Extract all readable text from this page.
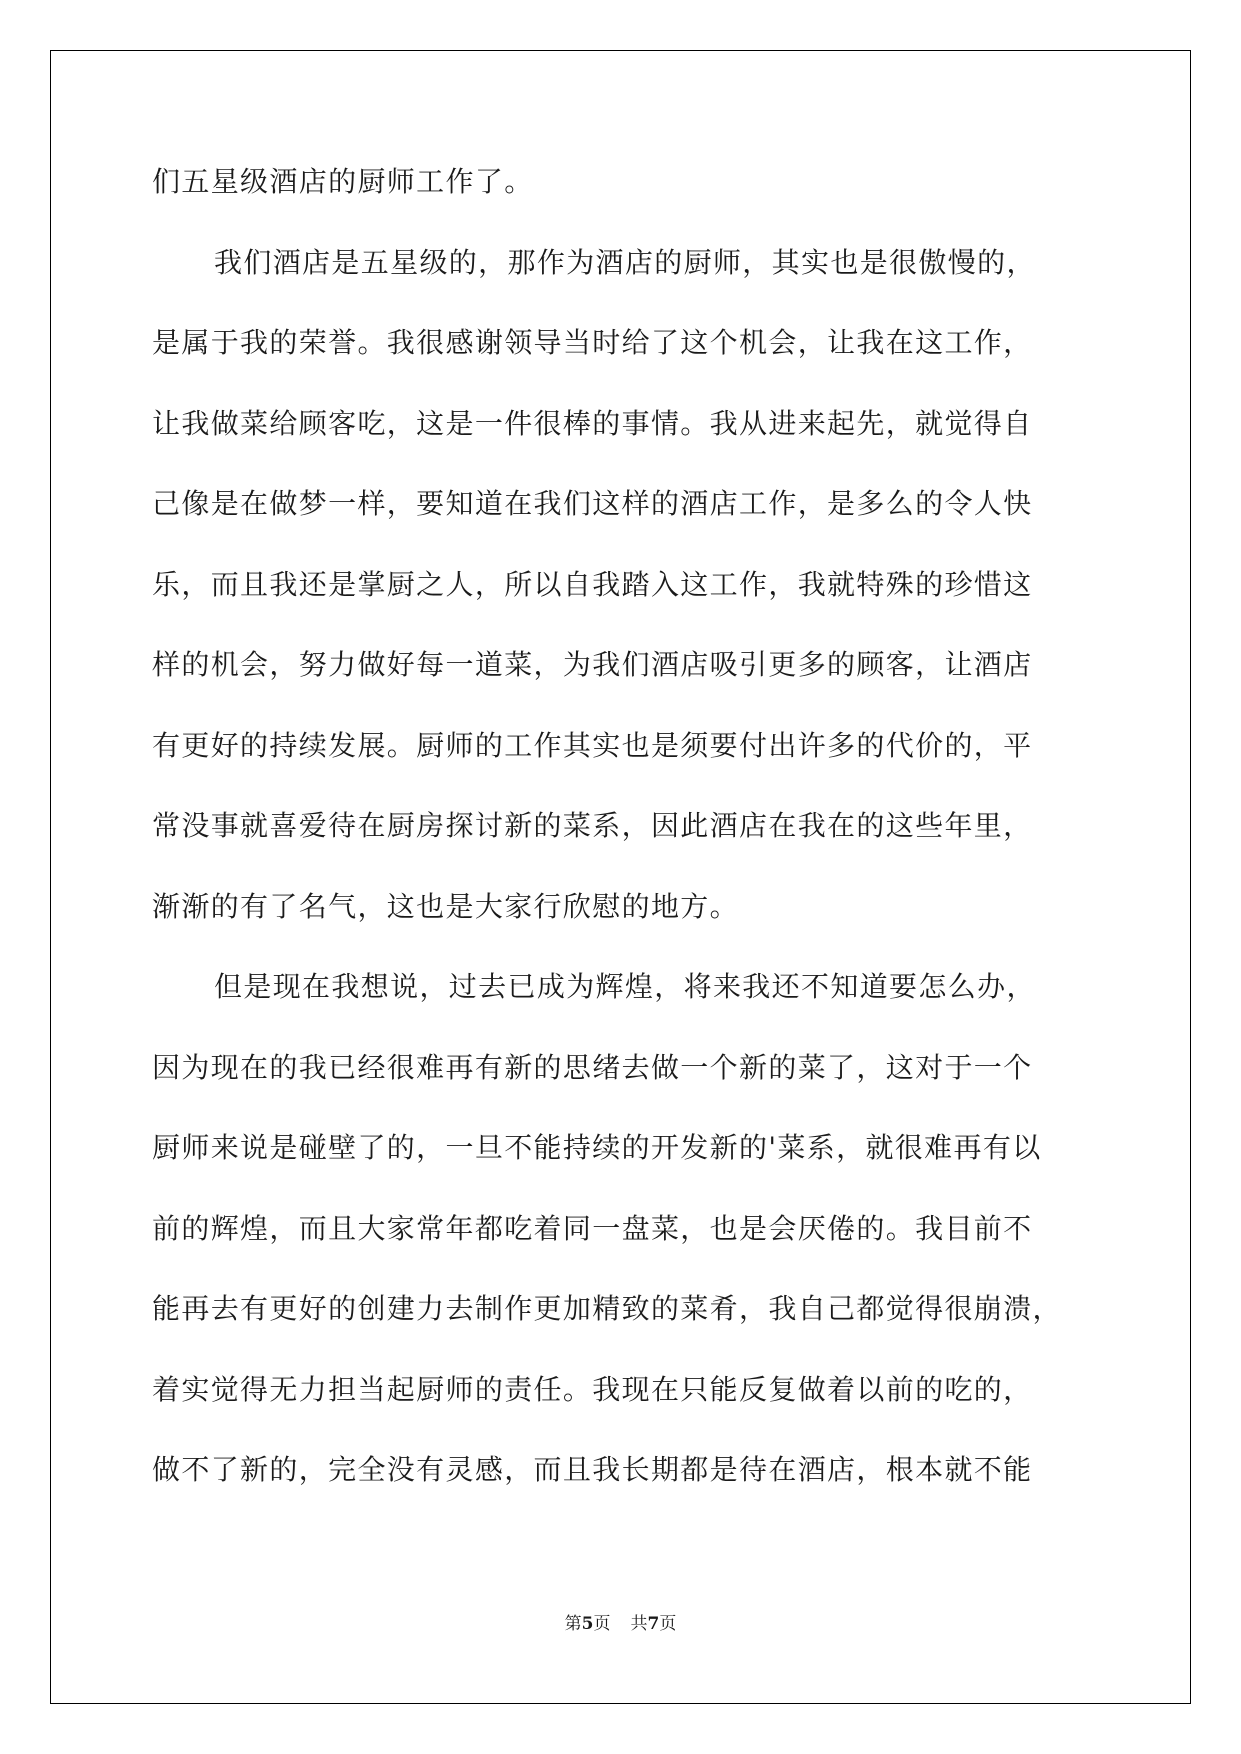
们五星级酒店的厨师工作了。
我们酒店是五星级的，那作为酒店的厨师，其实也是很傲慢的，
是属于我的荣誉。我很感谢领导当时给了这个机会，让我在这工作，
让我做菜给顾客吃，这是一件很棒的事情。我从进来起先，就觉得自
己像是在做梦一样，要知道在我们这样的酒店工作，是多么的令人快
乐，而且我还是掌厨之人，所以自我踏入这工作，我就特殊的珍惜这
样的机会，努力做好每一道菜，为我们酒店吸引更多的顾客，让酒店
有更好的持续发展。厨师的工作其实也是须要付出许多的代价的，平
常没事就喜爱待在厨房探讨新的菜系，因此酒店在我在的这些年里，
渐渐的有了名气，这也是大家行欣慰的地方。
但是现在我想说，过去已成为辉煌，将来我还不知道要怎么办，
因为现在的我已经很难再有新的思绪去做一个新的菜了，这对于一个
厨师来说是碰壁了的，一旦不能持续的开发新的'菜系，就很难再有以
前的辉煌，而且大家常年都吃着同一盘菜，也是会厌倦的。我目前不
能再去有更好的创建力去制作更加精致的菜肴，我自己都觉得很崩溃，
着实觉得无力担当起厨师的责任。我现在只能反复做着以前的吃的，
做不了新的，完全没有灵感，而且我长期都是待在酒店，根本就不能
第5页 共7页
